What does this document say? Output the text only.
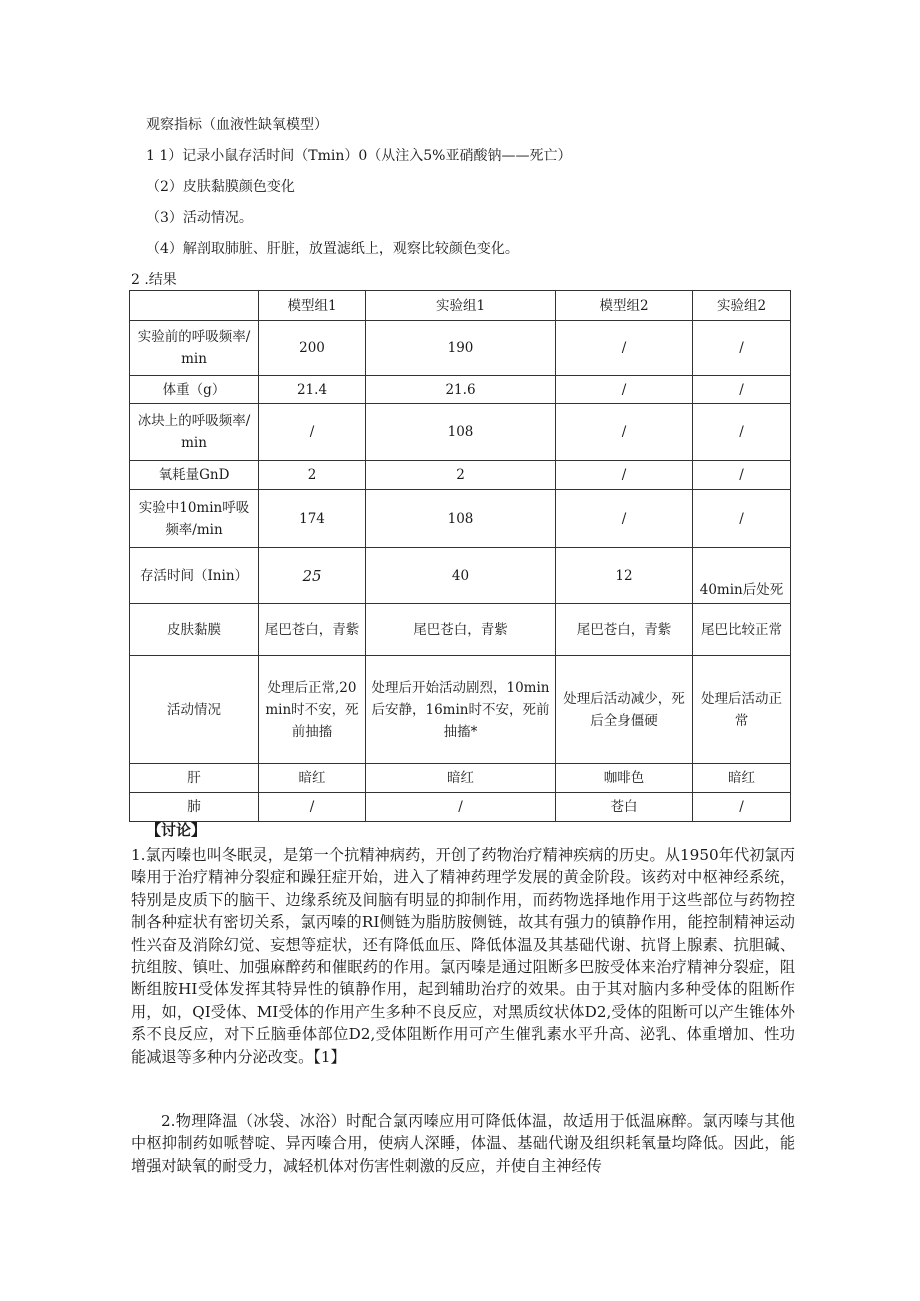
观察指标（血液性缺氧模型）
1 1）记录小鼠存活时间（Tmin）0（从注入5%亚硝酸钠——死亡）
（2）皮肤黏膜颜色变化
（3）活动情况。
（4）解剖取肺脏、肝脏，放置滤纸上，观察比较颜色变化。
2 .结果
	模型组1	实验组1	模型组2	实验组2
实验前的呼吸频率/min	200	190	/	/
体重（g）	21.4	21.6	/	/
冰块上的呼吸频率/min	/	108	/	/
氧耗量GnD	2	2	/	/
实验中10min呼吸频率/min	174	108	/	/
存活时间（Inin）	25	40	12	40min后处死
皮肤黏膜	尾巴苍白，青紫	尾巴苍白，青紫	尾巴苍白，青紫	尾巴比较正常
活动情况	处理后正常,20min时不安，死前抽搐	处理后开始活动剧烈，10min后安静，16min时不安，死前抽搐*	处理后活动减少，死后全身僵硬	处理后活动正常
肝	暗红	暗红	咖啡色	暗红
肺	/	/	苍白	/
【讨论】
1.氯丙嗪也叫冬眠灵，是第一个抗精神病药，开创了药物治疗精神疾病的历史。从1950年代初氯丙嗪用于治疗精神分裂症和躁狂症开始，进入了精神药理学发展的黄金阶段。该药对中枢神经系统，特别是皮质下的脑干、边缘系统及间脑有明显的抑制作用，而药物选择地作用于这些部位与药物控制各种症状有密切关系，氯丙嗪的RI侧链为脂肪胺侧链，故其有强力的镇静作用，能控制精神运动性兴奋及消除幻觉、妄想等症状，还有降低血压、降低体温及其基础代谢、抗肾上腺素、抗胆碱、抗组胺、镇吐、加强麻醉药和催眠药的作用。氯丙嗪是通过阻断多巴胺受体来治疗精神分裂症，阻断组胺HI受体发挥其特异性的镇静作用，起到辅助治疗的效果。由于其对脑内多种受体的阻断作用，如，QI受体、MI受体的作用产生多种不良反应，对黑质纹状体D2,受体的阻断可以产生锥体外系不良反应，对下丘脑垂体部位D2,受体阻断作用可产生催乳素水平升高、泌乳、体重增加、性功能减退等多种内分泌改变。【1】
2.物理降温（冰袋、冰浴）时配合氯丙嗪应用可降低体温，故适用于低温麻醉。氯丙嗪与其他中枢抑制药如哌替啶、异丙嗪合用，使病人深睡，体温、基础代谢及组织耗氧量均降低。因此，能增强对缺氧的耐受力，减轻机体对伤害性刺激的反应，并使自主神经传
